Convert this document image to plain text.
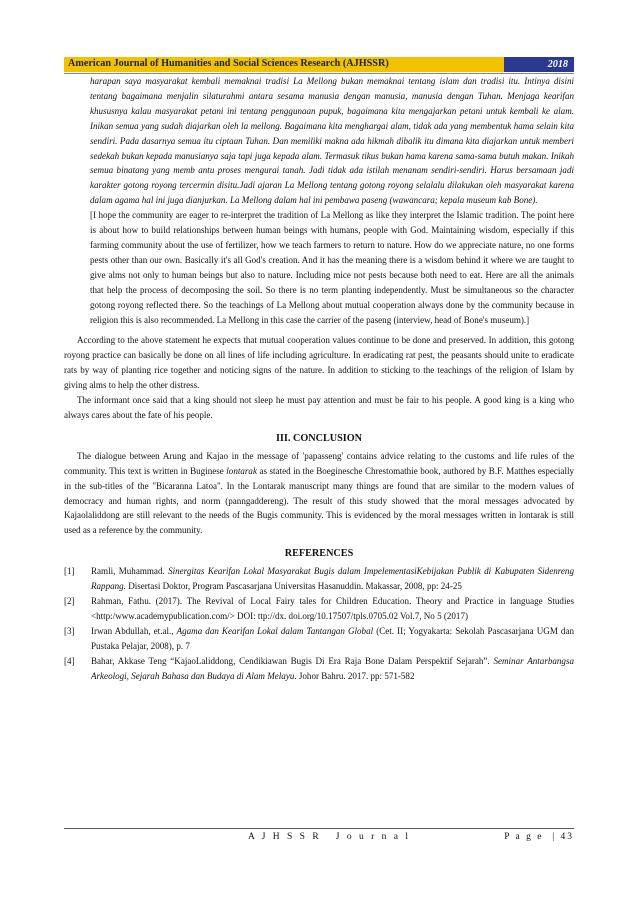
American Journal of Humanities and Social Sciences Research (AJHSSR)	2018

harapan saya masyarakat kembali memaknai tradisi La Mellong bukan memaknai tentang islam dan tradisi itu. Intinya disini tentang bagaimana menjalin silaturahmi antara sesama manusia dengan manusia, manusia dengan Tuhan. Menjaga kearifan khususnya kalau masyarakat petani ini tentang penggunaan pupuk, bagaimana kita mengajarkan petani untuk kembali ke alam. Inikan semua yang sudah diajarkan oleh la mellong. Bagaimana kita menghargai alam, tidak ada yang membentuk hama selain kita sendiri. Pada dasarnya semua itu ciptaan Tuhan. Dan memiliki makna ada hikmah dibalik itu dimana kita diajarkan untuk memberi sedekah bukan kepada manusianya saja tapi juga kepada alam. Termasuk tikus bukan hama karena sama-sama butuh makan. Inikah semua binatang yang memb antu proses mengurai tanah. Jadi tidak ada istilah menanam sendiri-sendiri. Harus bersamaan jadi karakter gotong royong tercermin disitu.Jadi ajaran La Mellong tentang gotong royong selalalu dilakukan oleh masyarakat karena dalam agama hal ini juga dianjurkan. La Mellong dalam hal ini pembawa paseng (wawancara; kepala museum kab Bone).

[I hope the community are eager to re-interpret the tradition of La Mellong as like they interpret the Islamic tradition. The point here is about how to build relationships between human beings with humans, people with God. Maintaining wisdom, especially if this farming community about the use of fertilizer, how we teach farmers to return to nature. How do we appreciate nature, no one forms pests other than our own. Basically it's all God's creation. And it has the meaning there is a wisdom behind it where we are taught to give alms not only to human beings but also to nature. Including mice not pests because both need to eat. Here are all the animals that help the process of decomposing the soil. So there is no term planting independently. Must be simultaneous so the character gotong royong reflected there. So the teachings of La Mellong about mutual cooperation always done by the community because in religion this is also recommended. La Mellong in this case the carrier of the paseng (interview, head of Bone's museum).]

According to the above statement he expects that mutual cooperation values continue to be done and preserved. In addition, this gotong royong practice can basically be done on all lines of life including agriculture. In eradicating rat pest, the peasants should unite to eradicate rats by way of planting rice together and noticing signs of the nature. In addition to sticking to the teachings of the religion of Islam by giving alms to help the other distress.

The informant once said that a king should not sleep he must pay attention and must be fair to his people. A good king is a king who always cares about the fate of his people.

III. CONCLUSION

The dialogue between Arung and Kajao in the message of 'papasseng' contains advice relating to the customs and life rules of the community. This text is written in Buginese lontarak as stated in the Boeginesche Chrestomathie book, authored by B.F. Matthes especially in the sub-titles of the "Bicaranna Latoa". In the Lontarak manuscript many things are found that are similar to the modern values of democracy and human rights, and norm (panngaddereng). The result of this study showed that the moral messages advocated by Kajaolaliddong are still relevant to the needs of the Bugis community. This is evidenced by the moral messages written in lontarak is still used as a reference by the community.

REFERENCES
[1]	Ramli, Muhammad. Sinergitas Kearifan Lokal Masyarakat Bugis dalam ImpelementasiKebijakan Publik di Kabupaten Sidenreng Rappang. Disertasi Doktor, Program Pascasarjana Universitas Hasanuddin. Makassar, 2008, pp: 24-25
[2]	Rahman, Fathu. (2017). The Revival of Local Fairy tales for Children Education. Theory and Practice in language Studies <http:/www.academypublication.com/> DOI: ttp://dx. doi.org/10.17507/tpls.0705.02 Vol.7, No 5 (2017)
[3]	Irwan Abdullah, et.al., Agama dan Kearifan Lokal dalam Tantangan Global (Cet. II; Yogyakarta: Sekolah Pascasarjana UGM dan Pustaka Pelajar, 2008), p. 7
[4]	Bahar, Akkase Teng “KajaoLaliddong, Cendikiawan Bugis Di Era Raja Bone Dalam Perspektif Sejarah”. Seminar Antarbangsa Arkeologi, Sejarah Bahasa dan Budaya di Alam Melayu. Johor Bahru. 2017. pp: 571-582
A J H S S R   J o u r n a l	P a g e  | 43
